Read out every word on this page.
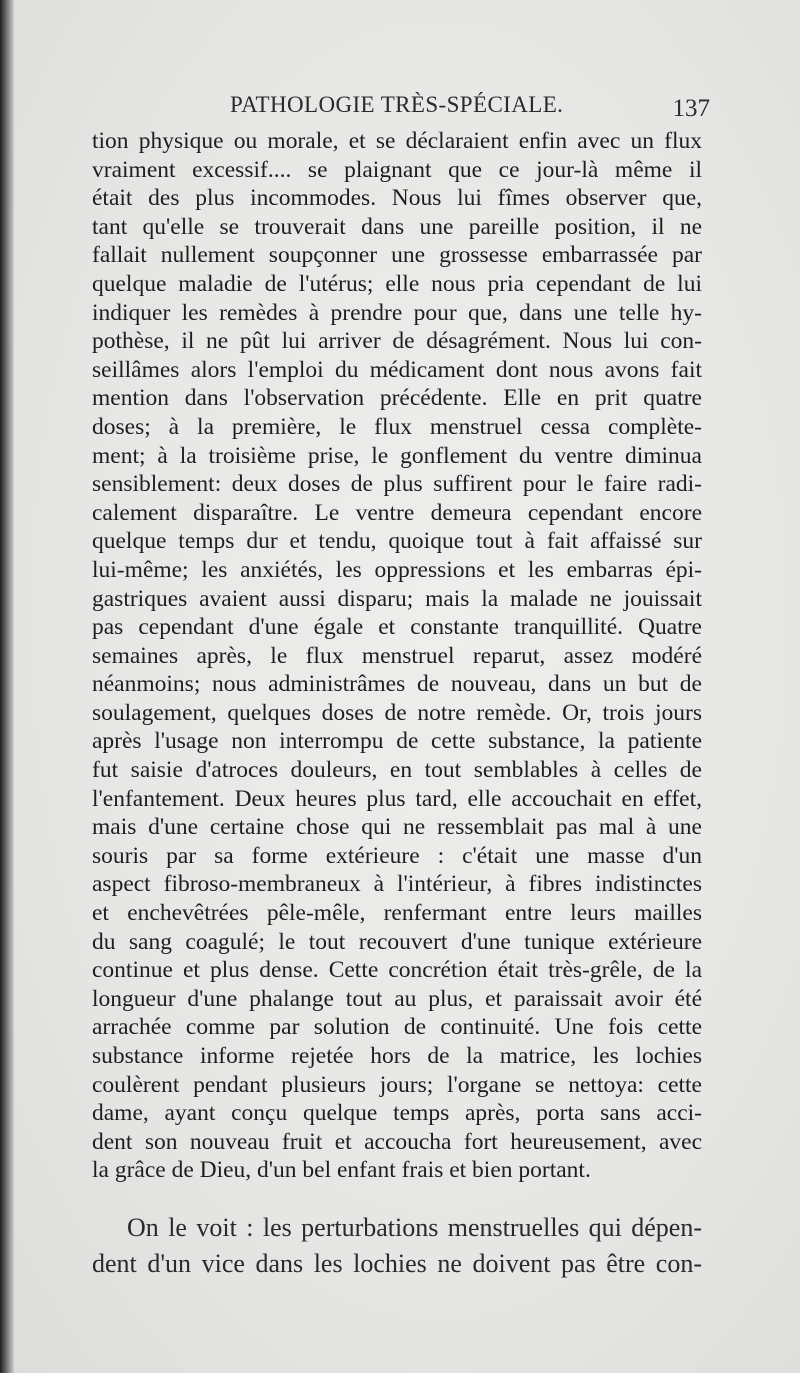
PATHOLOGIE TRÈS-SPÉCIALE.	137
tion physique ou morale, et se déclaraient enfin avec un flux
vraiment excessif.... se plaignant que ce jour-là même il
était des plus incommodes. Nous lui fîmes observer que,
tant qu'elle se trouverait dans une pareille position, il ne
fallait nullement soupçonner une grossesse embarrassée par
quelque maladie de l'utérus; elle nous pria cependant de lui
indiquer les remèdes à prendre pour que, dans une telle hy-
pothèse, il ne pût lui arriver de désagrément. Nous lui con-
seillâmes alors l'emploi du médicament dont nous avons fait
mention dans l'observation précédente. Elle en prit quatre
doses; à la première, le flux menstruel cessa complète-
ment; à la troisième prise, le gonflement du ventre diminua
sensiblement: deux doses de plus suffirent pour le faire radi-
calement disparaître. Le ventre demeura cependant encore
quelque temps dur et tendu, quoique tout à fait affaissé sur
lui-même; les anxiétés, les oppressions et les embarras épi-
gastriques avaient aussi disparu; mais la malade ne jouissait
pas cependant d'une égale et constante tranquillité. Quatre
semaines après, le flux menstruel reparut, assez modéré
néanmoins; nous administrâmes de nouveau, dans un but de
soulagement, quelques doses de notre remède. Or, trois jours
après l'usage non interrompu de cette substance, la patiente
fut saisie d'atroces douleurs, en tout semblables à celles de
l'enfantement. Deux heures plus tard, elle accouchait en effet,
mais d'une certaine chose qui ne ressemblait pas mal à une
souris par sa forme extérieure : c'était une masse d'un
aspect fibroso-membraneux à l'intérieur, à fibres indistinctes
et enchevêtrées pêle-mêle, renfermant entre leurs mailles
du sang coagulé; le tout recouvert d'une tunique extérieure
continue et plus dense. Cette concrétion était très-grêle, de la
longueur d'une phalange tout au plus, et paraissait avoir été
arrachée comme par solution de continuité. Une fois cette
substance informe rejetée hors de la matrice, les lochies
coulèrent pendant plusieurs jours; l'organe se nettoya: cette
dame, ayant conçu quelque temps après, porta sans acci-
dent son nouveau fruit et accoucha fort heureusement, avec
la grâce de Dieu, d'un bel enfant frais et bien portant.
On le voit : les perturbations menstruelles qui dépen-
dent d'un vice dans les lochies ne doivent pas être con-
